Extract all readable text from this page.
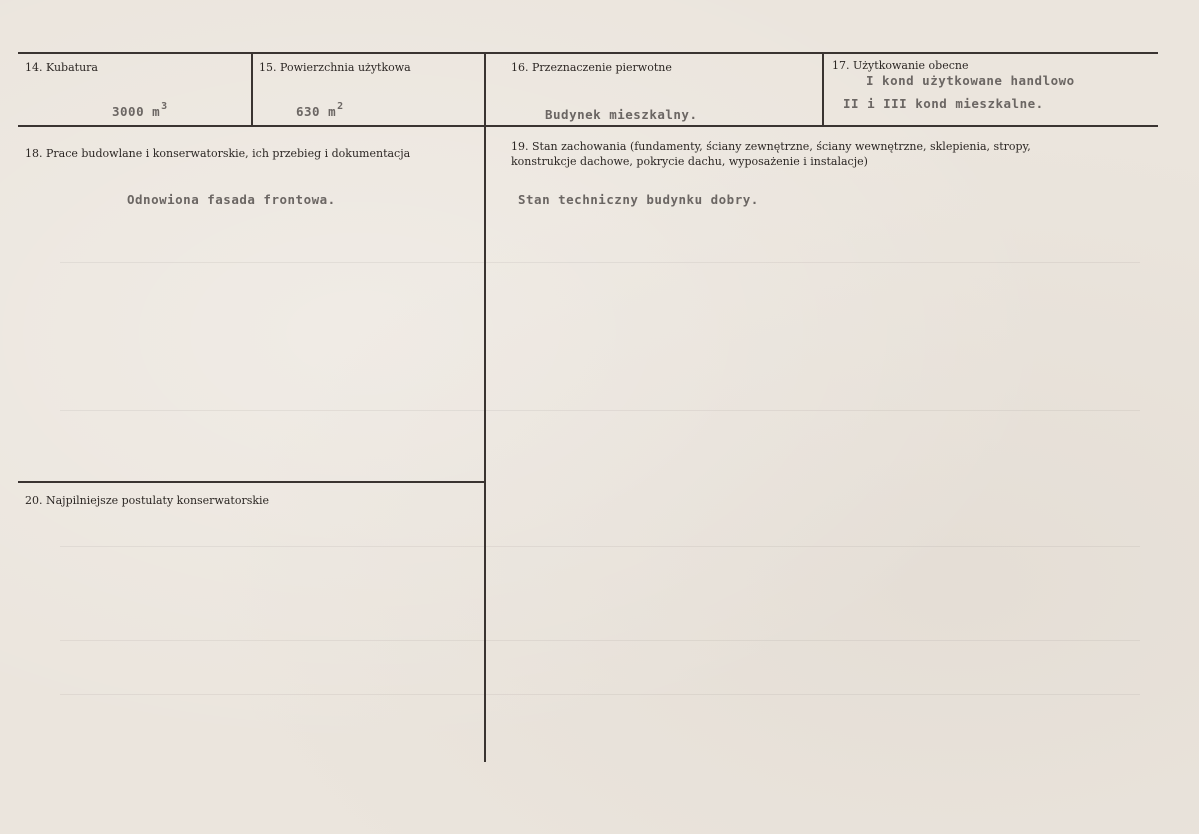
14. Kubatura
3000 $m^3$
15. Powierzchnia użytkowa
630 $m^2$
16. Przeznaczenie pierwotne
Budynek mieszkalny.
17. Użytkowanie obecne
I kond użytkowane handlowo
II i III kond mieszkalne.
18. Prace budowlane i konserwatorskie, ich przebieg i dokumentacja
Odnowiona fasada frontowa.
19. Stan zachowania (fundamenty, ściany zewnętrzne, ściany wewnętrzne, sklepienia, stropy,
konstrukcje dachowe, pokrycie dachu, wyposażenie i instalacje)
Stan techniczny budynku dobry.
20. Najpilniejsze postulaty konserwatorskie
